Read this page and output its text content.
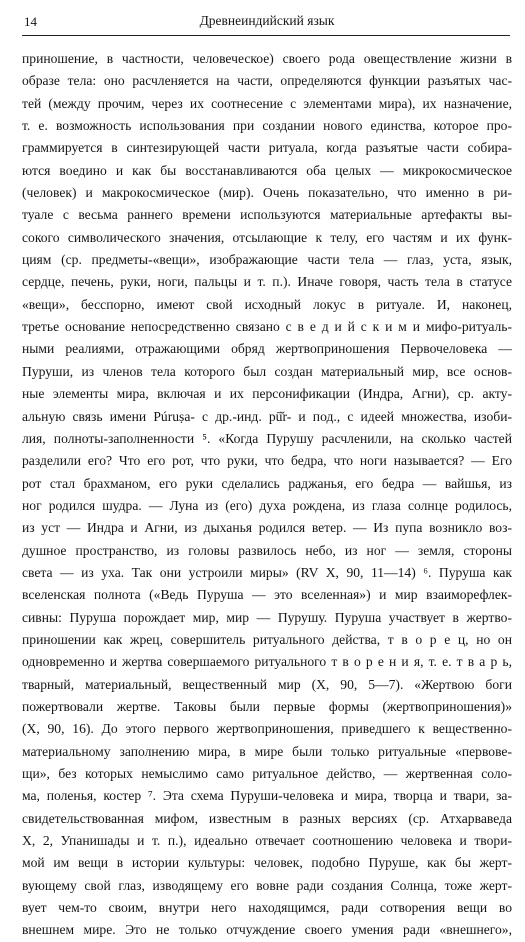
14	Древнеиндийский язык
приношение, в частности, человеческое) своего рода овеществление жизни в
образе тела: оно расчленяется на части, определяются функции разъятых час-
тей (между прочим, через их соотнесение с элементами мира), их назначение,
т. е. возможность использования при создании нового единства, которое про-
граммируется в синтезирующей части ритуала, когда разъятые части собира-
ются воедино и как бы восстанавливаются оба целых — микрокосмическое
(человек) и макрокосмическое (мир). Очень показательно, что именно в ри-
туале с весьма раннего времени используются материальные артефакты вы-
сокого символического значения, отсылающие к телу, его частям и их функ-
циям (ср. предметы-«вещи», изображающие части тела — глаз, уста, язык,
сердце, печень, руки, ноги, пальцы и т. п.). Иначе говоря, часть тела в статусе
«вещи», бесспорно, имеют свой исходный локус в ритуале. И, наконец,
третье основание непосредственно связано с в е д и й с к и м и мифо-ритуаль-
ными реалиями, отражающими обряд жертвоприношения Первочеловека —
Пуруши, из членов тела которого был создан материальный мир, все основ-
ные элементы мира, включая и их персонификации (Индра, Агни), ср. акту-
альную связь имени Púruṣa- с др.-инд. pū̆r- и под., с идеей множества, изоби-
лия, полноты-заполненности ⁵. «Когда Пурушу расчленили, на сколько частей
разделили его? Что его рот, что руки, что бедра, что ноги называется? — Его
рот стал брахманом, его руки сделались раджанья, его бедра — вайшья, из
ног родился шудра. — Луна из (его) духа рождена, из глаза солнце родилось,
из уст — Индра и Агни, из дыханья родился ветер. — Из пупа возникло воз-
душное пространство, из головы развилось небо, из ног — земля, стороны
света — из уха. Так они устроили миры» (RV X, 90, 11—14) ⁶. Пуруша как
вселенская полнота («Ведь Пуруша — это вселенная») и мир взаиморефлек-
сивны: Пуруша порождает мир, мир — Пурушу. Пуруша участвует в жертво-
приношении как жрец, совершитель ритуального действа, т в о р е ц, но он
одновременно и жертва совершаемого ритуального т в о р е н и я, т. е. т в а р ь,
тварный, материальный, вещественный мир (X, 90, 5—7). «Жертвою боги
пожертвовали жертве. Таковы были первые формы (жертвоприношения)»
(X, 90, 16). До этого первого жертвоприношения, приведшего к вещественно-
материальному заполнению мира, в мире были только ритуальные «первове-
щи», без которых немыслимо само ритуальное действо, — жертвенная соло-
ма, поленья, костер ⁷. Эта схема Пуруши-человека и мира, творца и твари, за-
свидетельствованная мифом, известным в разных версиях (ср. Атхарваведа
X, 2, Упанишады и т. п.), идеально отвечает соотношению человека и твори-
мой им вещи в истории культуры: человек, подобно Пуруше, как бы жерт-
вующему свой глаз, изводящему его вовне ради создания Солнца, тоже жерт-
вует чем-то своим, внутри него находящимся, ради сотворения вещи во
внешнем мире. Это не только отчуждение своего умения ради «внешнего»,
